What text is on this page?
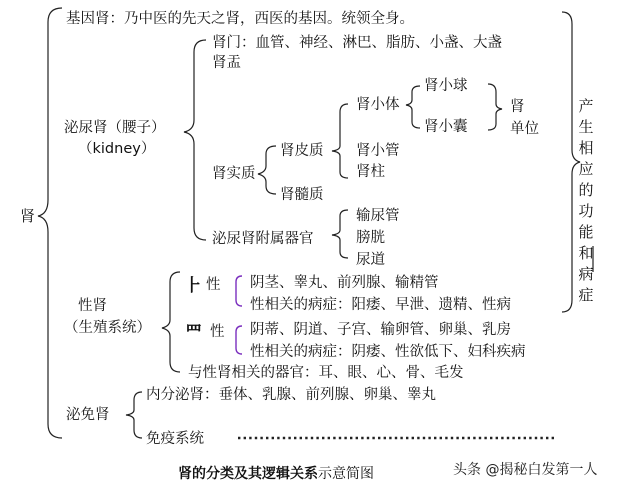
肾
基因肾：乃中医的先天之肾，西医的基因。统领全身。
泌尿肾（腰子）
（kidney）
肾门：血管、神经、淋巴、脂肪、小盏、大盏
肾盂
肾实质
肾皮质
肾髓质
肾小体
肾小球
肾小囊
肾小管
肾柱
肾
单位
泌尿肾附属器官
输尿管
膀胱
尿道
性肾
（生殖系统）
⺊ 性 阴茎、睾丸、前列腺、输精管
性相关的病症：阳痿、早泄、遗精、性病
⺫ 性 阴蒂、阴道、子宫、输卵管、卵巢、乳房
性相关的病症：阴痿、性欲低下、妇科疾病
与性肾相关的器官：耳、眼、心、骨、毛发
泌免肾
内分泌肾：垂体、乳腺、前列腺、卵巢、睾丸
免疫系统
产
生
相
应
的
功
能
和
病
症
肾的分类及其逻辑关系示意简图	头条 @揭秘白发第一人
